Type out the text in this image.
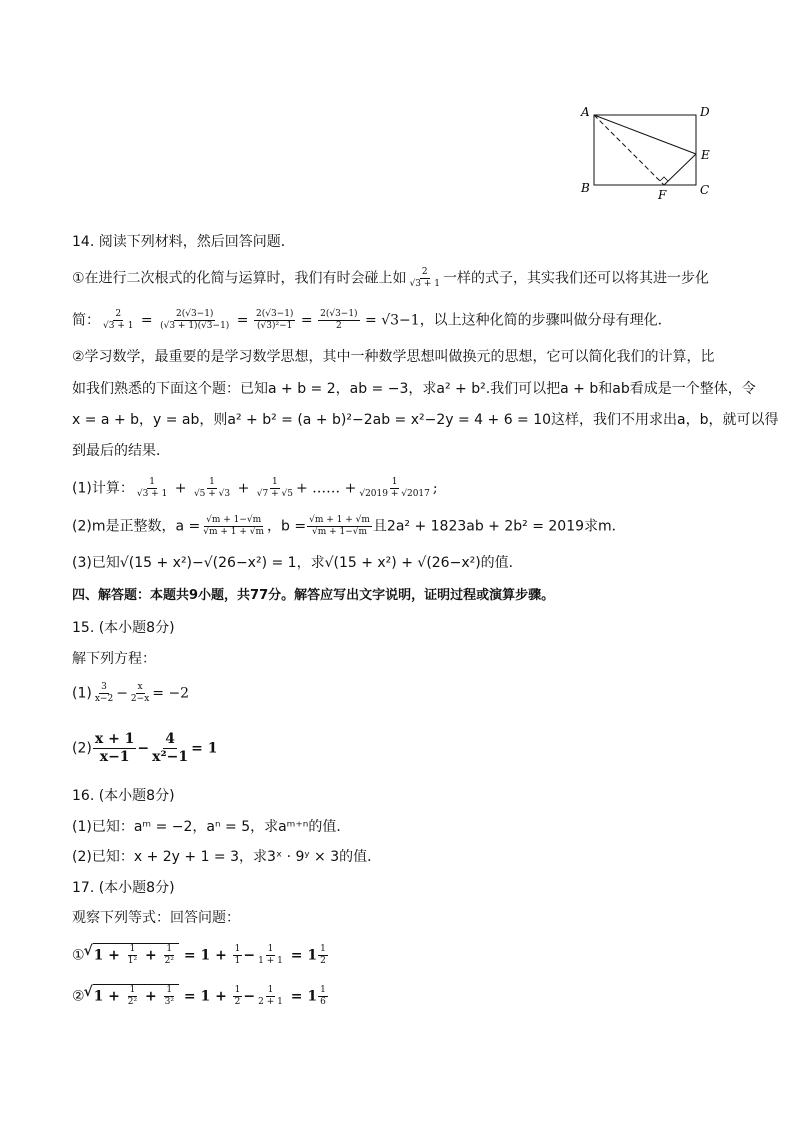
A	D
E
B	F	C
14. 阅读下列材料，然后回答问题．
①在进行二次根式的化简与运算时，我们有时会碰上如 $\frac{2}{√3 + 1}$ 一样的式子，其实我们还可以将其进一步化
简： $\frac{2}{√3 + 1} = \frac{2(√3-1)}{(√3 + 1)(√3-1)} = \frac{2(√3-1)}{\text{(√3)²−1}} = \frac{2(√3-1)}{2} = √3-1$，以上这种化简的步骤叫做分母有理化．
②学习数学，最重要的是学习数学思想，其中一种数学思想叫做换元的思想，它可以简化我们的计算，比
如我们熟悉的下面这个题：已知a + b = 2，ab = −3，求a² + b².我们可以把a + b和ab看成是一个整体，令
x = a + b，y = ab，则a² + b² = (a + b)²−2ab = x²−2y = 4 + 6 = 10这样，我们不用求出a，b，就可以得
到最后的结果．
(1)计算： $\frac{1}{√3 + 1} + \frac{1}{√5 + √3} + \frac{1}{√7 + √5}$ + …… + $\frac{1}{√2019 + √2017}$ ;
(2)m是正整数，$a = \frac{√m + 1-√m}{√m + 1 + √m}$ ，$b = \frac{√m + 1 + √m}{√m + 1-√m}$ 且2a² + 1823ab + 2b² = 2019求m．
(3)已知√(15 + x²)−√(26−x²) = 1，求√(15 + x²) + √(26−x²)的值．
四、解答题：本题共9小题，共77分。解答应写出文字说明，证明过程或演算步骤。
15. (本小题8分)
解下列方程：
$(1) \frac{3}{x-2} - \frac{x}{2-x} = -2$
$(2) \frac{x + 1}{x-1} - \frac{4}{\text{x²−1}} = 1$
16. (本小题8分)
(1)已知：aᵐ = −2，aⁿ = 5，求aᵐ⁺ⁿ的值．
(2)已知：x + 2y + 1 = 3，求3ˣ · 9ʸ × 3的值．
17. (本小题8分)
观察下列等式：回答问题：
① √ $1 + \frac{1}{\text{1²}} + \frac{1}{\text{2²}} = 1 + \frac{1}{1} - \frac{1}{1 + 1} = 1 \frac{1}{2}$
② √ $1 + \frac{1}{\text{2²}} + \frac{1}{\text{3²}} = 1 + \frac{1}{2} - \frac{1}{2 + 1} = 1 \frac{1}{6}$
